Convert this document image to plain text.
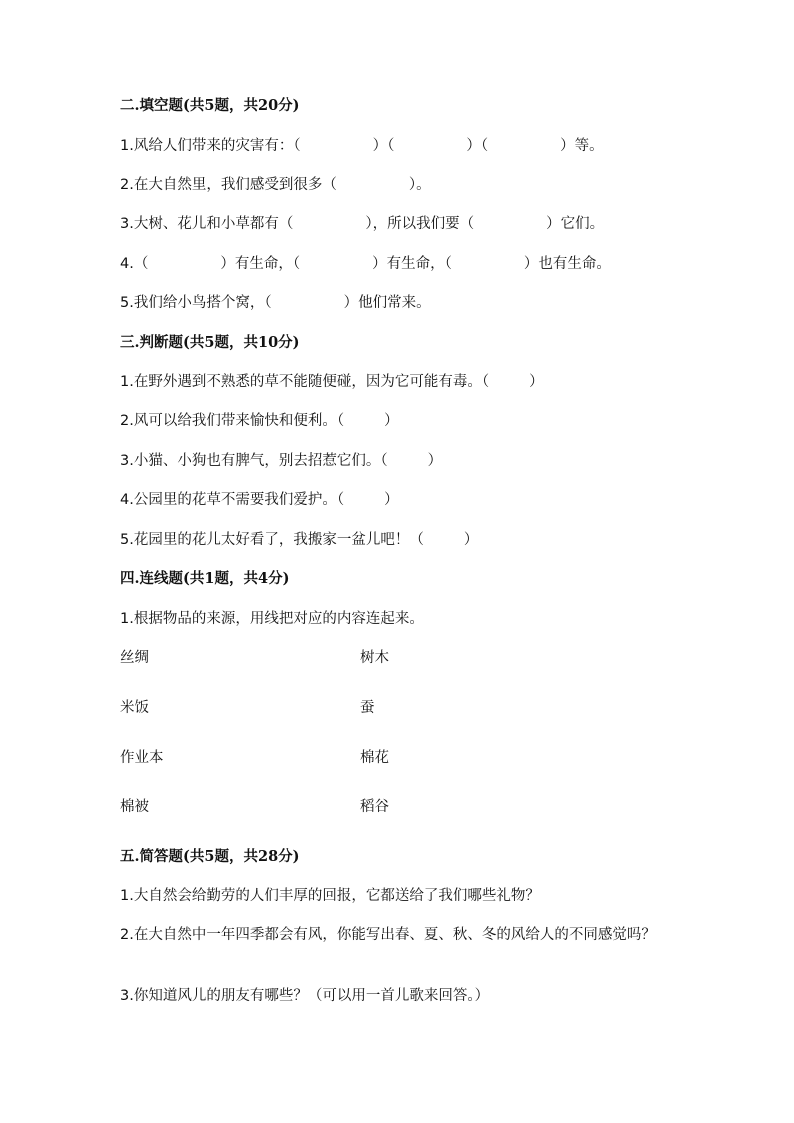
二.填空题(共5题，共20分)
1.风给人们带来的灾害有：（	）（	）（	）等。
2.在大自然里，我们感受到很多（	）。
3.大树、花儿和小草都有（	），所以我们要（	）它们。
4.（	）有生命，（	）有生命，（	）也有生命。
5.我们给小鸟搭个窝，（	）他们常来。
三.判断题(共5题，共10分)
1.在野外遇到不熟悉的草不能随便碰，因为它可能有毒。（	）
2.风可以给我们带来愉快和便利。（	）
3.小猫、小狗也有脾气，别去招惹它们。（	）
4.公园里的花草不需要我们爱护。（	）
5.花园里的花儿太好看了，我搬家一盆儿吧！（	）
四.连线题(共1题，共4分)
1.根据物品的来源，用线把对应的内容连起来。
丝绸	树木
米饭	蚕
作业本	棉花
棉被	稻谷
五.简答题(共5题，共28分)
1.大自然会给勤劳的人们丰厚的回报，它都送给了我们哪些礼物？
2.在大自然中一年四季都会有风，你能写出春、夏、秋、冬的风给人的不同感觉吗？
3.你知道风儿的朋友有哪些？（可以用一首儿歌来回答。）
